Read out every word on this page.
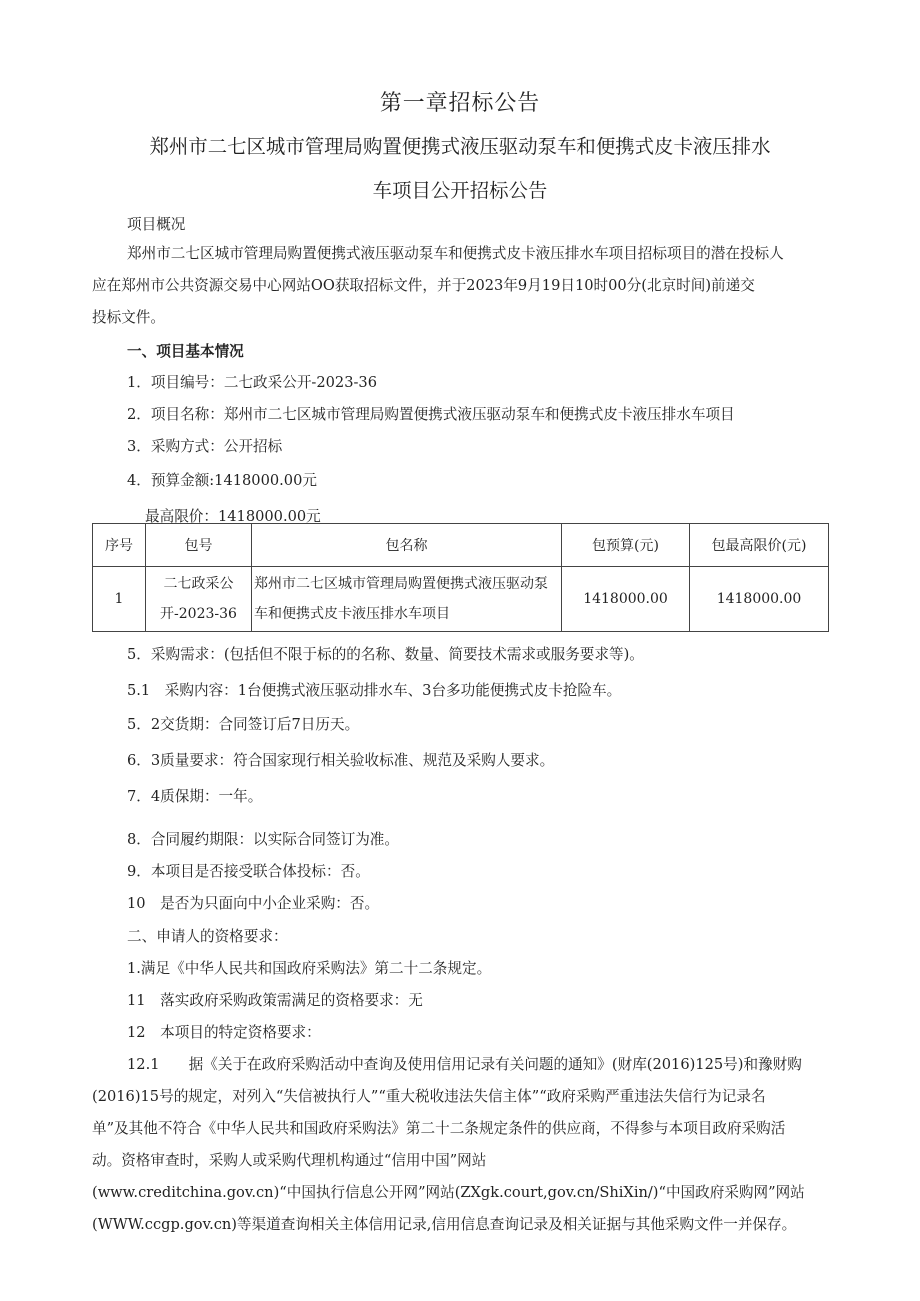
第一章招标公告
郑州市二七区城市管理局购置便携式液压驱动泵车和便携式皮卡液压排水
车项目公开招标公告
项目概况
郑州市二七区城市管理局购置便携式液压驱动泵车和便携式皮卡液压排水车项目招标项目的潜在投标人
应在郑州市公共资源交易中心网站OO获取招标文件，并于2023年9月19日10时00分(北京时间)前递交
投标文件。
一、项目基本情况
1．项目编号：二七政采公开-2023-36
2．项目名称：郑州市二七区城市管理局购置便携式液压驱动泵车和便携式皮卡液压排水车项目
3．采购方式：公开招标
4．预算金额:1418000.00元
最高限价：1418000.00元
序号	包号	包名称	包预算(元)	包最高限价(元)
1	二七政采公开-2023-36	郑州市二七区城市管理局购置便携式液压驱动泵车和便携式皮卡液压排水车项目	1418000.00	1418000.00
5．采购需求：(包括但不限于标的的名称、数量、简要技术需求或服务要求等)。
5.1　采购内容：1台便携式液压驱动排水车、3台多功能便携式皮卡抢险车。
5．2交货期：合同签订后7日历天。
6．3质量要求：符合国家现行相关验收标准、规范及采购人要求。
7．4质保期：一年。
8．合同履约期限：以实际合同签订为准。
9．本项目是否接受联合体投标：否。
10　是否为只面向中小企业采购：否。
二、申请人的资格要求：
1.满足《中华人民共和国政府采购法》第二十二条规定。
11　落实政府采购政策需满足的资格要求：无
12　本项目的特定资格要求：
12.1　　据《关于在政府采购活动中查询及使用信用记录有关问题的通知》(财库(2016)125号)和豫财购
(2016)15号的规定，对列入“失信被执行人”“重大税收违法失信主体”“政府采购严重违法失信行为记录名
单”及其他不符合《中华人民共和国政府采购法》第二十二条规定条件的供应商，不得参与本项目政府采购活
动。资格审查时，采购人或采购代理机构通过“信用中国”网站
(www.creditchina.gov.cn)“中国执行信息公开网”网站(ZXgk.court,gov.cn/ShiXin/)“中国政府采购网”网站
(WWW.ccgp.gov.cn)等渠道查询相关主体信用记录,信用信息查询记录及相关证据与其他采购文件一并保存。
